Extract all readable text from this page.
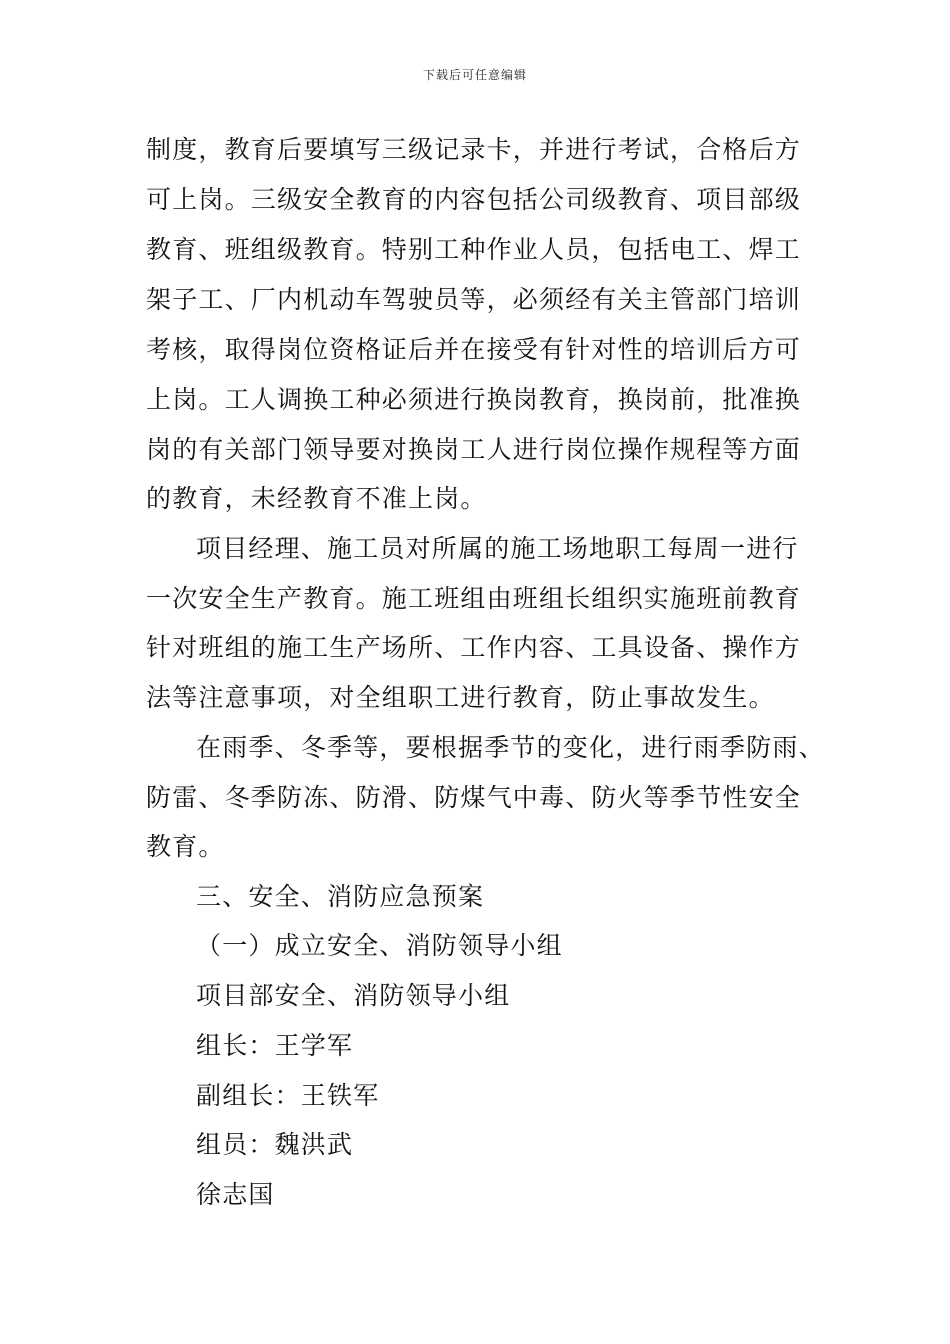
下载后可任意编辑
制度，教育后要填写三级记录卡，并进行考试，合格后方
可上岗。三级安全教育的内容包括公司级教育、项目部级
教育、班组级教育。特别工种作业人员，包括电工、焊工
架子工、厂内机动车驾驶员等，必须经有关主管部门培训
考核，取得岗位资格证后并在接受有针对性的培训后方可
上岗。工人调换工种必须进行换岗教育，换岗前，批准换
岗的有关部门领导要对换岗工人进行岗位操作规程等方面
的教育，未经教育不准上岗。
项目经理、施工员对所属的施工场地职工每周一进行
一次安全生产教育。施工班组由班组长组织实施班前教育
针对班组的施工生产场所、工作内容、工具设备、操作方
法等注意事项，对全组职工进行教育，防止事故发生。
在雨季、冬季等，要根据季节的变化，进行雨季防雨、
防雷、冬季防冻、防滑、防煤气中毒、防火等季节性安全
教育。
三、安全、消防应急预案
（一）成立安全、消防领导小组
项目部安全、消防领导小组
组长：王学军
副组长：王铁军
组员：魏洪武
徐志国
